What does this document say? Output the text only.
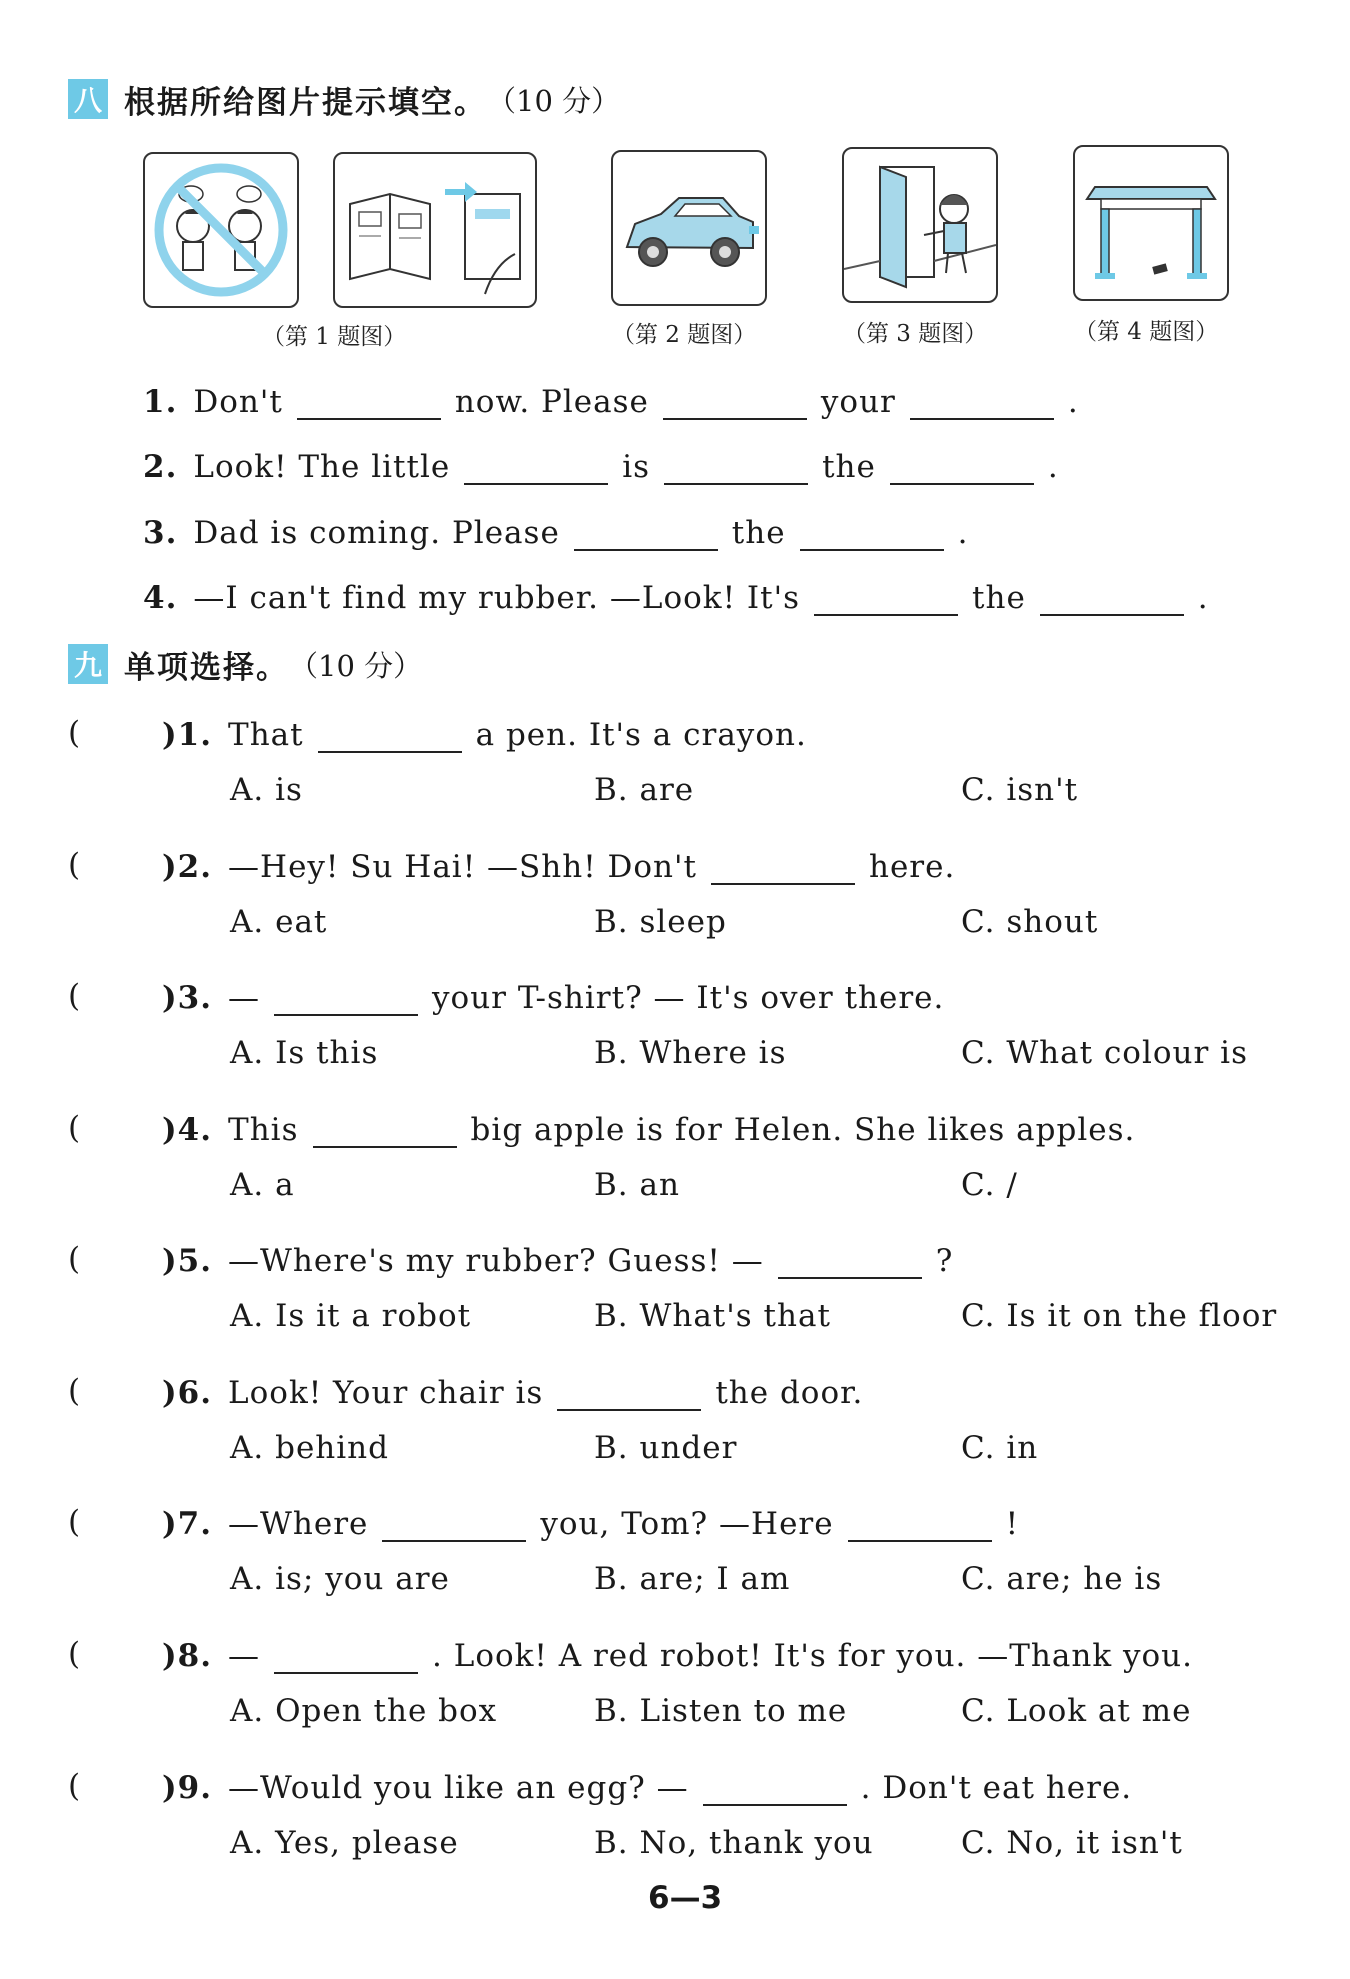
八 根据所给图片提示填空。 （10 分）
（第 1 题图）	（第 2 题图）	（第 3 题图）	（第 4 题图）
1. Don't	now. Please	your	.
2. Look! The little	is	the	.
3. Dad is coming. Please	the	.
4. —I can't find my rubber. —Look! It's	the	.
九 单项选择。 （10 分）
(	)1. That	a pen. It's a crayon.
A. is	B. are	C. isn't
(	)2. —Hey! Su Hai! —Shh! Don't	here.
A. eat	B. sleep	C. shout
(	)3. —	your T-shirt? — It's over there.
A. Is this	B. Where is	C. What colour is
(	)4. This	big apple is for Helen. She likes apples.
A. a	B. an	C. /
(	)5. —Where's my rubber? Guess! —	?
A. Is it a robot	B. What's that	C. Is it on the floor
(	)6. Look! Your chair is	the door.
A. behind	B. under	C. in
(	)7. —Where	you, Tom? —Here	!
A. is; you are	B. are; I am	C. are; he is
(	)8. —	. Look! A red robot! It's for you. —Thank you.
A. Open the box	B. Listen to me	C. Look at me
(	)9. —Would you like an egg? —	. Don't eat here.
A. Yes, please	B. No, thank you	C. No, it isn't
6—3
